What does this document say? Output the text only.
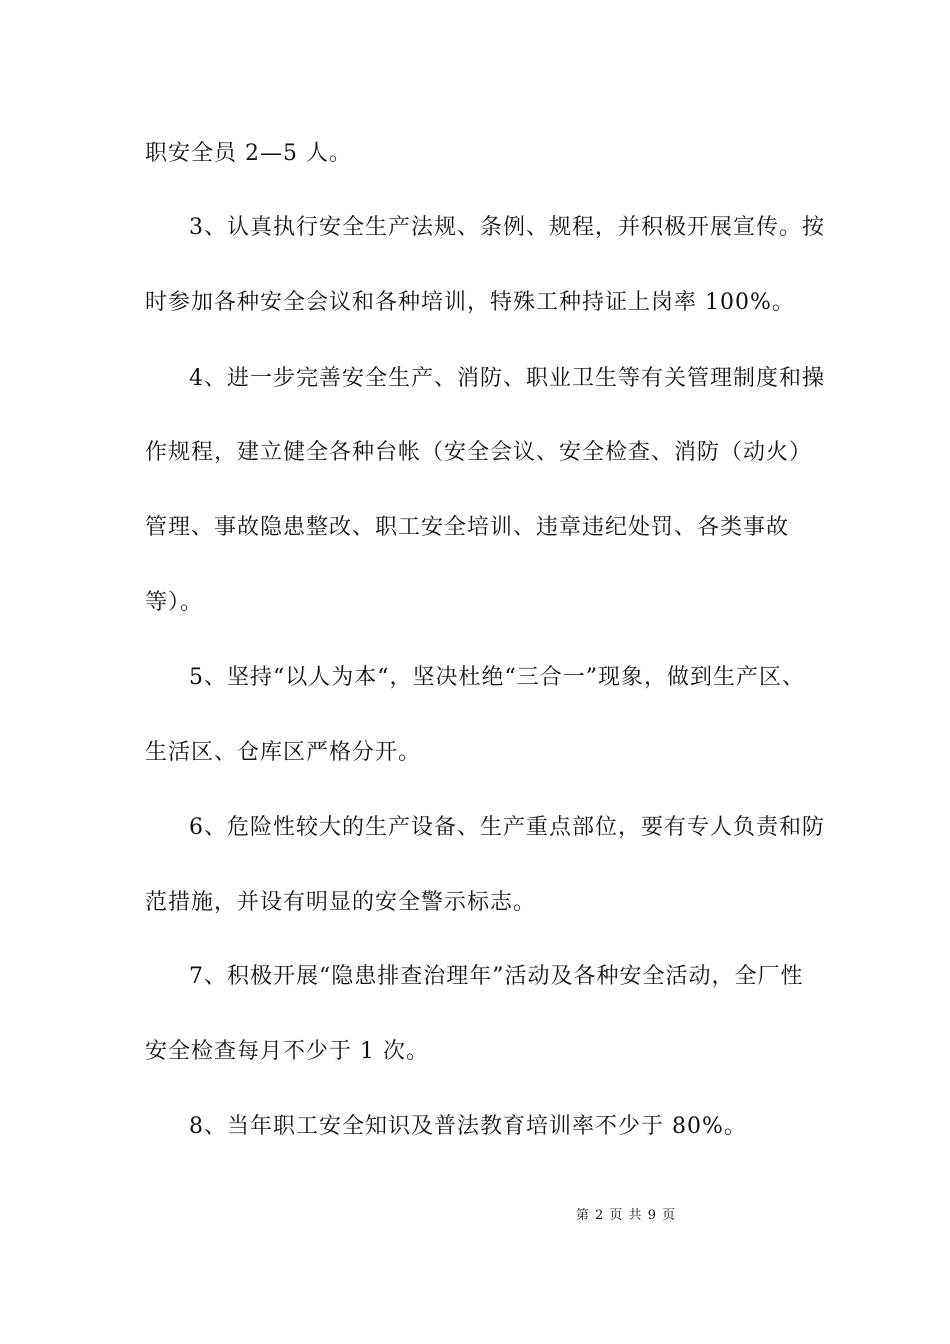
职安全员 2—5 人。
3、认真执行安全生产法规、条例、规程，并积极开展宣传。按
时参加各种安全会议和各种培训，特殊工种持证上岗率 100%。
4、进一步完善安全生产、消防、职业卫生等有关管理制度和操
作规程，建立健全各种台帐（安全会议、安全检查、消防（动火）
管理、事故隐患整改、职工安全培训、违章违纪处罚、各类事故
等）。
5、坚持“以人为本“，坚决杜绝“三合一”现象，做到生产区、
生活区、仓库区严格分开。
6、危险性较大的生产设备、生产重点部位，要有专人负责和防
范措施，并设有明显的安全警示标志。
7、积极开展“隐患排查治理年”活动及各种安全活动，全厂性
安全检查每月不少于 1 次。
8、当年职工安全知识及普法教育培训率不少于 80%。
第 2 页 共 9 页
